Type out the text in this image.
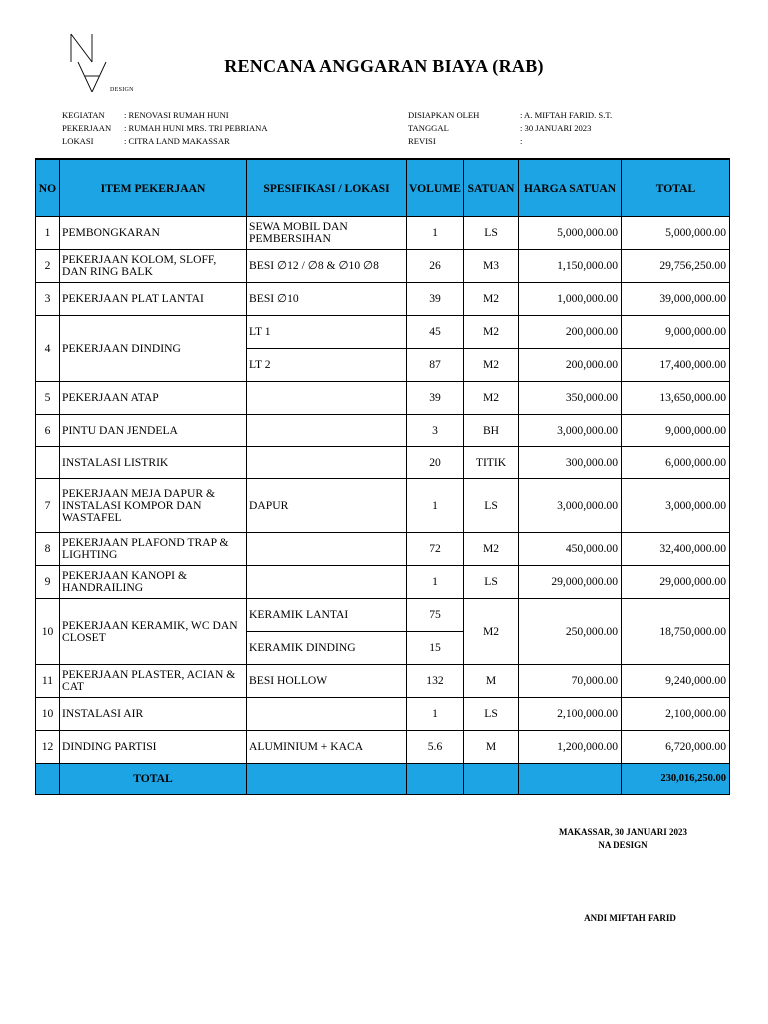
DESIGN
RENCANA ANGGARAN BIAYA (RAB)
KEGIATAN	: RENOVASI RUMAH HUNI
PEKERJAAN	: RUMAH HUNI MRS. TRI PEBRIANA
LOKASI	: CITRA LAND MAKASSAR
DISIAPKAN OLEH	: A. MIFTAH FARID. S.T.
TANGGAL	: 30 JANUARI 2023
REVISI	:
NO	ITEM PEKERJAAN	SPESIFIKASI / LOKASI	VOLUME	SATUAN	HARGA SATUAN	TOTAL
1	PEMBONGKARAN	SEWA MOBIL DAN PEMBERSIHAN	1	LS	5,000,000.00	5,000,000.00
2	PEKERJAAN KOLOM, SLOFF, DAN RING BALK	BESI ∅12 / ∅8 & ∅10 ∅8	26	M3	1,150,000.00	29,756,250.00
3	PEKERJAAN PLAT LANTAI	BESI ∅10	39	M2	1,000,000.00	39,000,000.00
4	PEKERJAAN DINDING	LT 1	45	M2	200,000.00	9,000,000.00
		LT 2	87	M2	200,000.00	17,400,000.00
5	PEKERJAAN ATAP		39	M2	350,000.00	13,650,000.00
6	PINTU DAN JENDELA		3	BH	3,000,000.00	9,000,000.00
	INSTALASI LISTRIK		20	TITIK	300,000.00	6,000,000.00
7	PEKERJAAN MEJA DAPUR & INSTALASI KOMPOR DAN WASTAFEL	DAPUR	1	LS	3,000,000.00	3,000,000.00
8	PEKERJAAN PLAFOND TRAP & LIGHTING		72	M2	450,000.00	32,400,000.00
9	PEKERJAAN KANOPI & HANDRAILING		1	LS	29,000,000.00	29,000,000.00
10	PEKERJAAN KERAMIK, WC DAN CLOSET	KERAMIK LANTAI	75	M2	250,000.00	18,750,000.00
		KERAMIK DINDING	15			
11	PEKERJAAN PLASTER, ACIAN & CAT	BESI HOLLOW	132	M	70,000.00	9,240,000.00
10	INSTALASI AIR		1	LS	2,100,000.00	2,100,000.00
12	DINDING PARTISI	ALUMINIUM + KACA	5.6	M	1,200,000.00	6,720,000.00
	TOTAL					230,016,250.00
MAKASSAR, 30 JANUARI 2023
NA DESIGN
ANDI MIFTAH FARID
